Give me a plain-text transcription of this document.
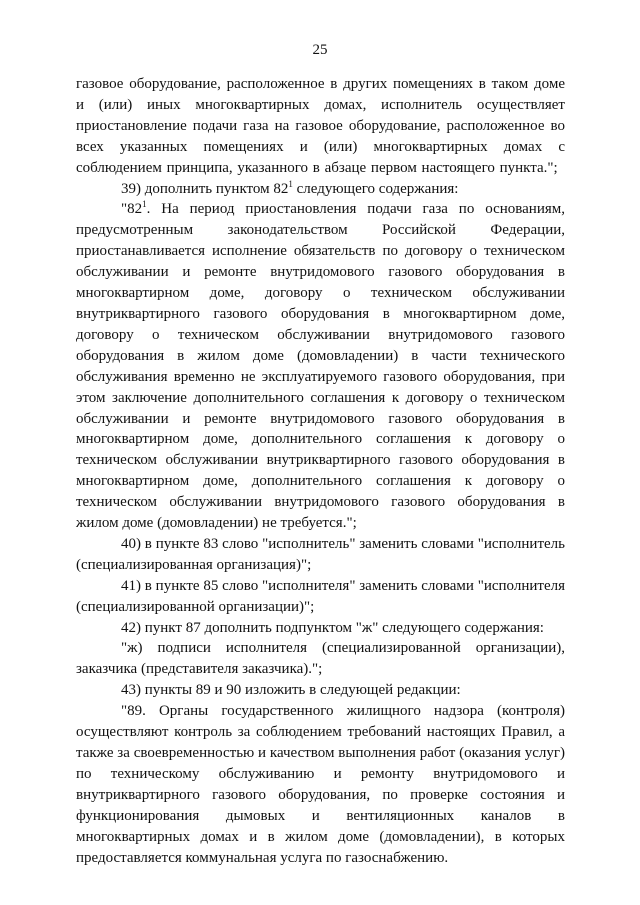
25

газовое оборудование, расположенное в других помещениях в таком доме и (или) иных многоквартирных домах, исполнитель осуществляет приостановление подачи газа на газовое оборудование, расположенное во всех указанных помещениях и (или) многоквартирных домах с соблюдением принципа, указанного в абзаце первом настоящего пункта.";

39) дополнить пунктом $82^1$ следующего содержания:

"$82^1$. На период приостановления подачи газа по основаниям, предусмотренным законодательством Российской Федерации, приостанавливается исполнение обязательств по договору о техническом обслуживании и ремонте внутридомового газового оборудования в многоквартирном доме, договору о техническом обслуживании внутриквартирного газового оборудования в многоквартирном доме, договору о техническом обслуживании внутридомового газового оборудования в жилом доме (домовладении) в части технического обслуживания временно не эксплуатируемого газового оборудования, при этом заключение дополнительного соглашения к договору о техническом обслуживании и ремонте внутридомового газового оборудования в многоквартирном доме, дополнительного соглашения к договору о техническом обслуживании внутриквартирного газового оборудования в многоквартирном доме, дополнительного соглашения к договору о техническом обслуживании внутридомового газового оборудования в жилом доме (домовладении) не требуется.";

40) в пункте 83 слово "исполнитель" заменить словами "исполнитель (специализированная организация)";

41) в пункте 85 слово "исполнителя" заменить словами "исполнителя (специализированной организации)";

42) пункт 87 дополнить подпунктом "ж" следующего содержания:

"ж) подписи исполнителя (специализированной организации), заказчика (представителя заказчика).";

43) пункты 89 и 90 изложить в следующей редакции:

"89. Органы государственного жилищного надзора (контроля) осуществляют контроль за соблюдением требований настоящих Правил, а также за своевременностью и качеством выполнения работ (оказания услуг) по техническому обслуживанию и ремонту внутридомового и внутриквартирного газового оборудования, по проверке состояния и функционирования дымовых и вентиляционных каналов в многоквартирных домах и в жилом доме (домовладении), в которых предоставляется коммунальная услуга по газоснабжению.
